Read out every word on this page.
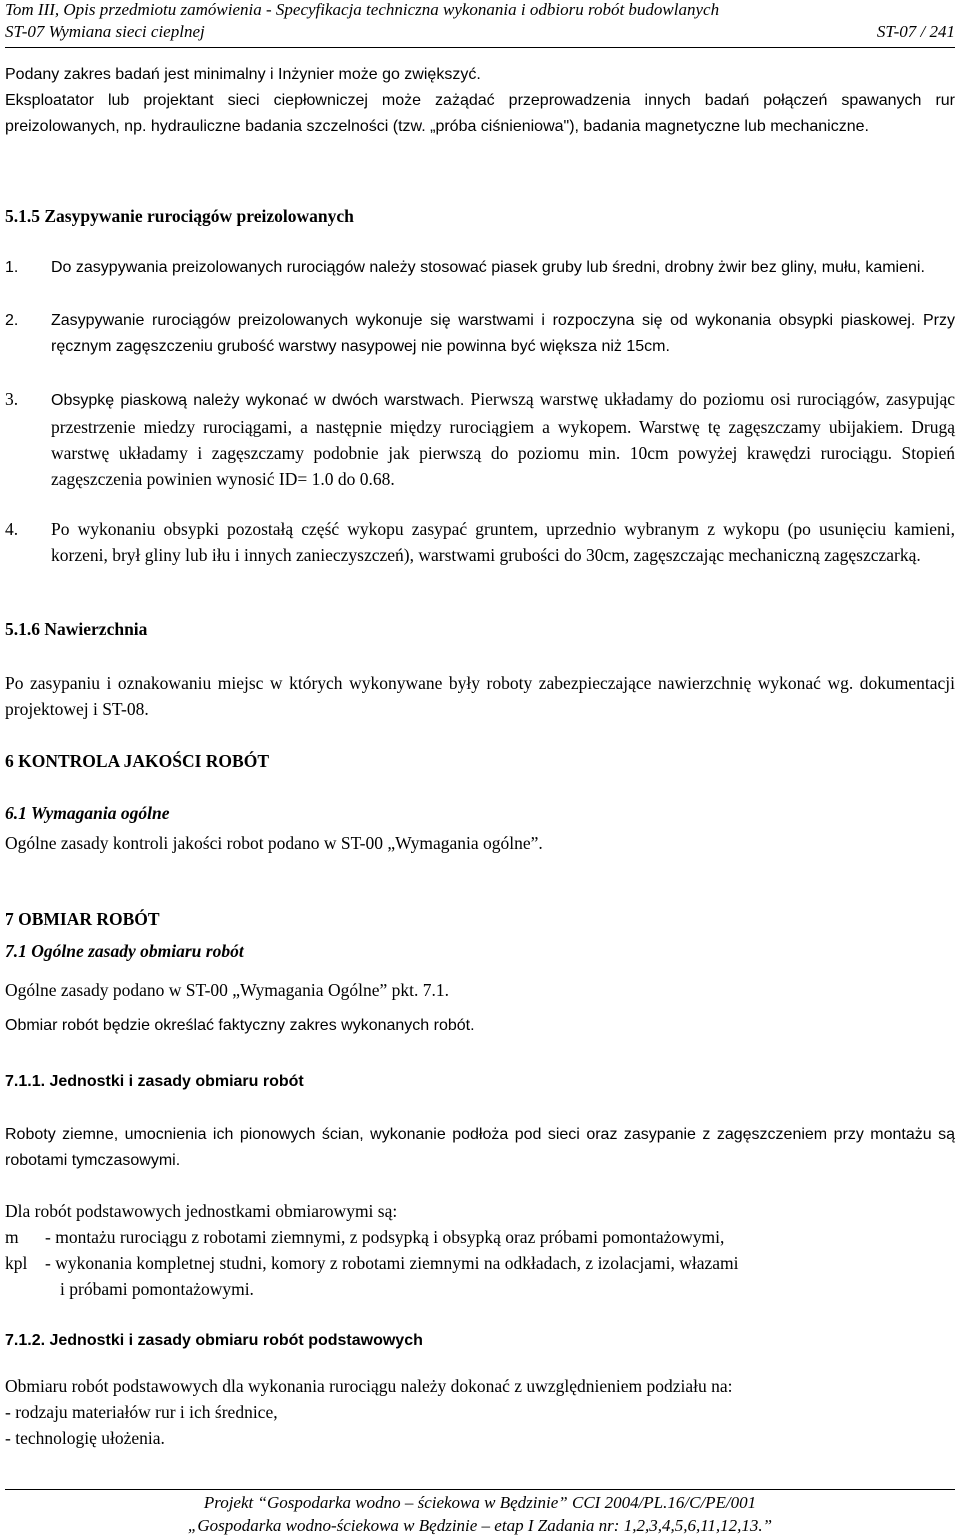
Tom III, Opis przedmiotu zamówienia - Specyfikacja techniczna wykonania i odbioru robót budowlanych
ST-07 Wymiana sieci cieplnej	ST-07 / 241
Podany zakres badań jest minimalny i Inżynier może go zwiększyć.
Eksploatator lub projektant sieci ciepłowniczej może zażądać przeprowadzenia innych badań połączeń spawanych rur preizolowanych, np. hydrauliczne badania szczelności (tzw. „próba ciśnieniowa"), badania magnetyczne lub mechaniczne.
5.1.5 Zasypywanie rurociągów preizolowanych
1.	Do zasypywania preizolowanych rurociągów należy stosować piasek gruby lub średni, drobny żwir bez gliny, mułu, kamieni.
2.	Zasypywanie rurociągów preizolowanych wykonuje się warstwami i rozpoczyna się od wykonania obsypki piaskowej. Przy ręcznym zagęszczeniu grubość warstwy nasypowej nie powinna być większa niż 15cm.
3.	Obsypkę piaskową należy wykonać w dwóch warstwach. Pierwszą warstwę układamy do poziomu osi rurociągów, zasypując przestrzenie miedzy rurociągami, a następnie między rurociągiem a wykopem. Warstwę tę zagęszczamy ubijakiem. Drugą warstwę układamy i zagęszczamy podobnie jak pierwszą do poziomu min. 10cm powyżej krawędzi rurociągu. Stopień zagęszczenia powinien wynosić ID= 1.0 do 0.68.
4.	Po wykonaniu obsypki pozostałą część wykopu zasypać gruntem, uprzednio wybranym z wykopu (po usunięciu kamieni, korzeni, brył gliny lub iłu i innych zanieczyszczeń), warstwami grubości do 30cm, zagęszczając mechaniczną zagęszczarką.
5.1.6 Nawierzchnia
Po zasypaniu i oznakowaniu miejsc w których wykonywane były roboty zabezpieczające nawierzchnię wykonać wg. dokumentacji projektowej i ST-08.
6 KONTROLA JAKOŚCI ROBÓT
6.1 Wymagania ogólne
Ogólne zasady kontroli jakości robot podano w ST-00 „Wymagania ogólne”.
7 OBMIAR ROBÓT
7.1 Ogólne zasady obmiaru robót
Ogólne zasady podano w ST-00 „Wymagania Ogólne” pkt. 7.1.
Obmiar robót będzie określać faktyczny zakres wykonanych robót.
7.1.1. Jednostki i zasady obmiaru robót
Roboty ziemne, umocnienia ich pionowych ścian, wykonanie podłoża pod sieci oraz zasypanie z zagęszczeniem przy montażu są robotami tymczasowymi.
Dla robót podstawowych jednostkami obmiarowymi są:
m - montażu rurociągu z robotami ziemnymi, z podsypką i obsypką oraz próbami pomontażowymi,
kpl - wykonania kompletnej studni, komory z robotami ziemnymi na odkładach, z izolacjami, włazami
i próbami pomontażowymi.
7.1.2. Jednostki i zasady obmiaru robót podstawowych
Obmiaru robót podstawowych dla wykonania rurociągu należy dokonać z uwzględnieniem podziału na:
- rodzaju materiałów rur i ich średnice,
- technologię ułożenia.
Projekt “Gospodarka wodno – ściekowa w Będzinie” CCI 2004/PL.16/C/PE/001
„Gospodarka wodno-ściekowa w Będzinie – etap I Zadania nr: 1,2,3,4,5,6,11,12,13.”
